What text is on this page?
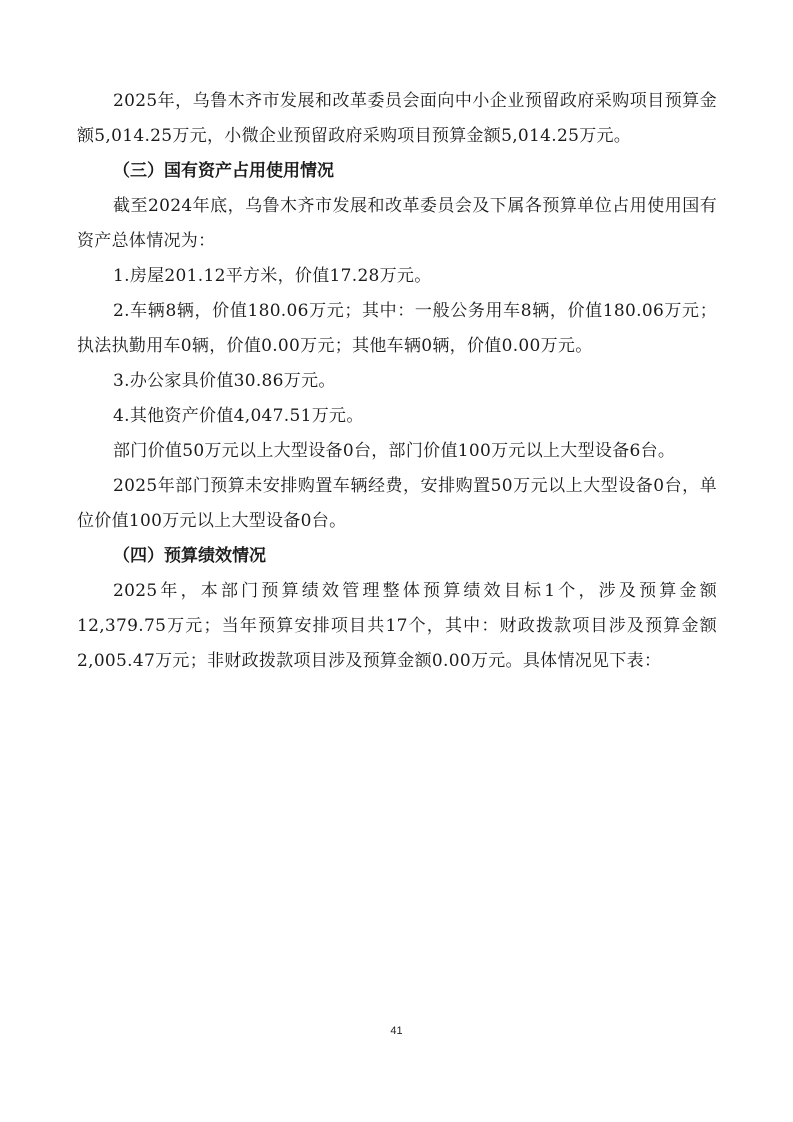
2025年，乌鲁木齐市发展和改革委员会面向中小企业预留政府采购项目预算金额5,014.25万元，小微企业预留政府采购项目预算金额5,014.25万元。

（三）国有资产占用使用情况

截至2024年底，乌鲁木齐市发展和改革委员会及下属各预算单位占用使用国有资产总体情况为：

1.房屋201.12平方米，价值17.28万元。

2.车辆8辆，价值180.06万元；其中：一般公务用车8辆，价值180.06万元；执法执勤用车0辆，价值0.00万元；其他车辆0辆，价值0.00万元。

3.办公家具价值30.86万元。

4.其他资产价值4,047.51万元。

部门价值50万元以上大型设备0台，部门价值100万元以上大型设备6台。

2025年部门预算未安排购置车辆经费，安排购置50万元以上大型设备0台，单位价值100万元以上大型设备0台。

（四）预算绩效情况

2025年，本部门预算绩效管理整体预算绩效目标1个，涉及预算金额12,379.75万元；当年预算安排项目共17个，其中：财政拨款项目涉及预算金额2,005.47万元；非财政拨款项目涉及预算金额0.00万元。具体情况见下表：

41
